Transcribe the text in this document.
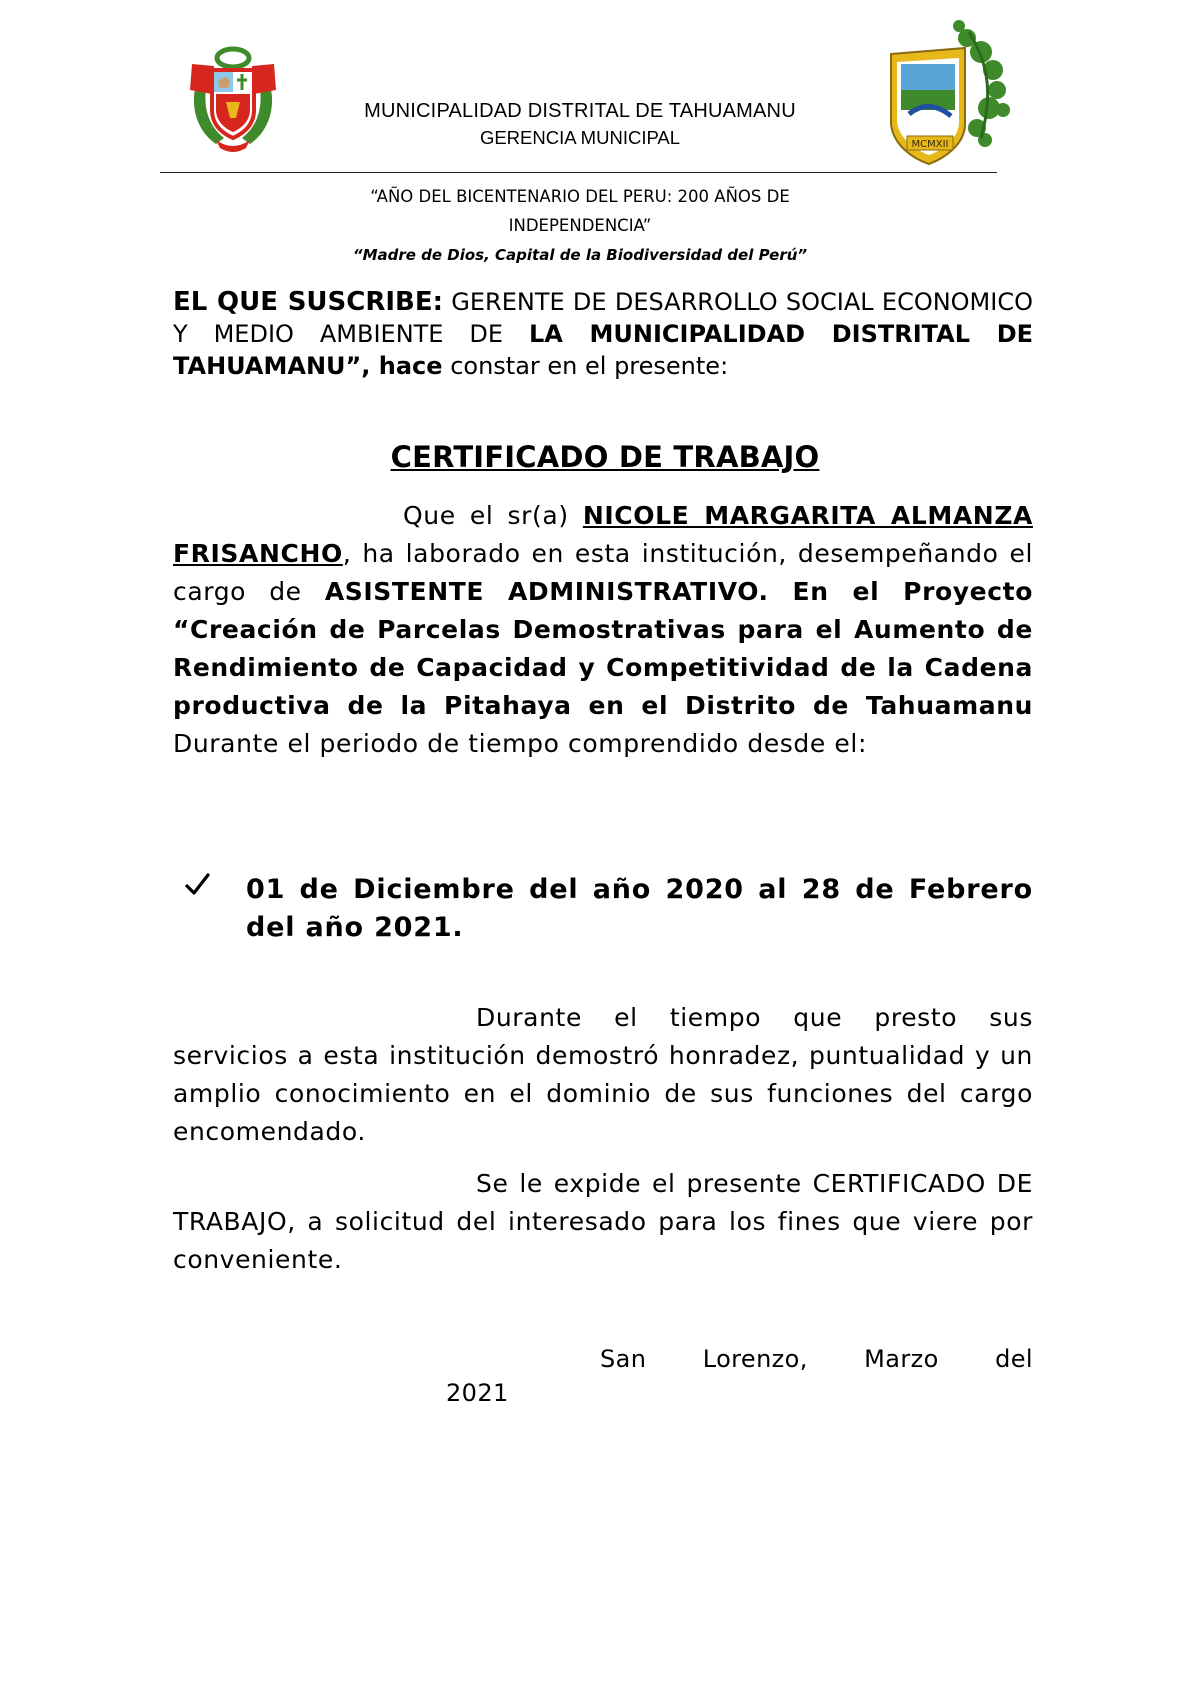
MUNICIPALIDAD DISTRITAL DE TAHUAMANU
GERENCIA MUNICIPAL	MCMXII
“AÑO DEL BICENTENARIO DEL PERU: 200 AÑOS DE
INDEPENDENCIA”
“Madre de Dios, Capital de la Biodiversidad del Perú”
EL QUE SUSCRIBE: GERENTE DE DESARROLLO SOCIAL ECONOMICO Y MEDIO AMBIENTE DE LA MUNICIPALIDAD DISTRITAL DE TAHUAMANU”, hace constar en el presente:
CERTIFICADO DE TRABAJO
Que el sr(a) NICOLE MARGARITA ALMANZA FRISANCHO, ha laborado en esta institución, desempeñando el cargo de ASISTENTE ADMINISTRATIVO. En el Proyecto “Creación de Parcelas Demostrativas para el Aumento de Rendimiento de Capacidad y Competitividad de la Cadena productiva de la Pitahaya en el Distrito de Tahuamanu Durante el periodo de tiempo comprendido desde el:
01 de Diciembre del año 2020 al 28 de Febrero del año 2021.
Durante el tiempo que presto sus servicios a esta institución demostró honradez, puntualidad y un amplio conocimiento en el dominio de sus funciones del cargo encomendado.
Se le expide el presente CERTIFICADO DE TRABAJO, a solicitud del interesado para los fines que viere por conveniente.
San Lorenzo, Marzo del
2021
